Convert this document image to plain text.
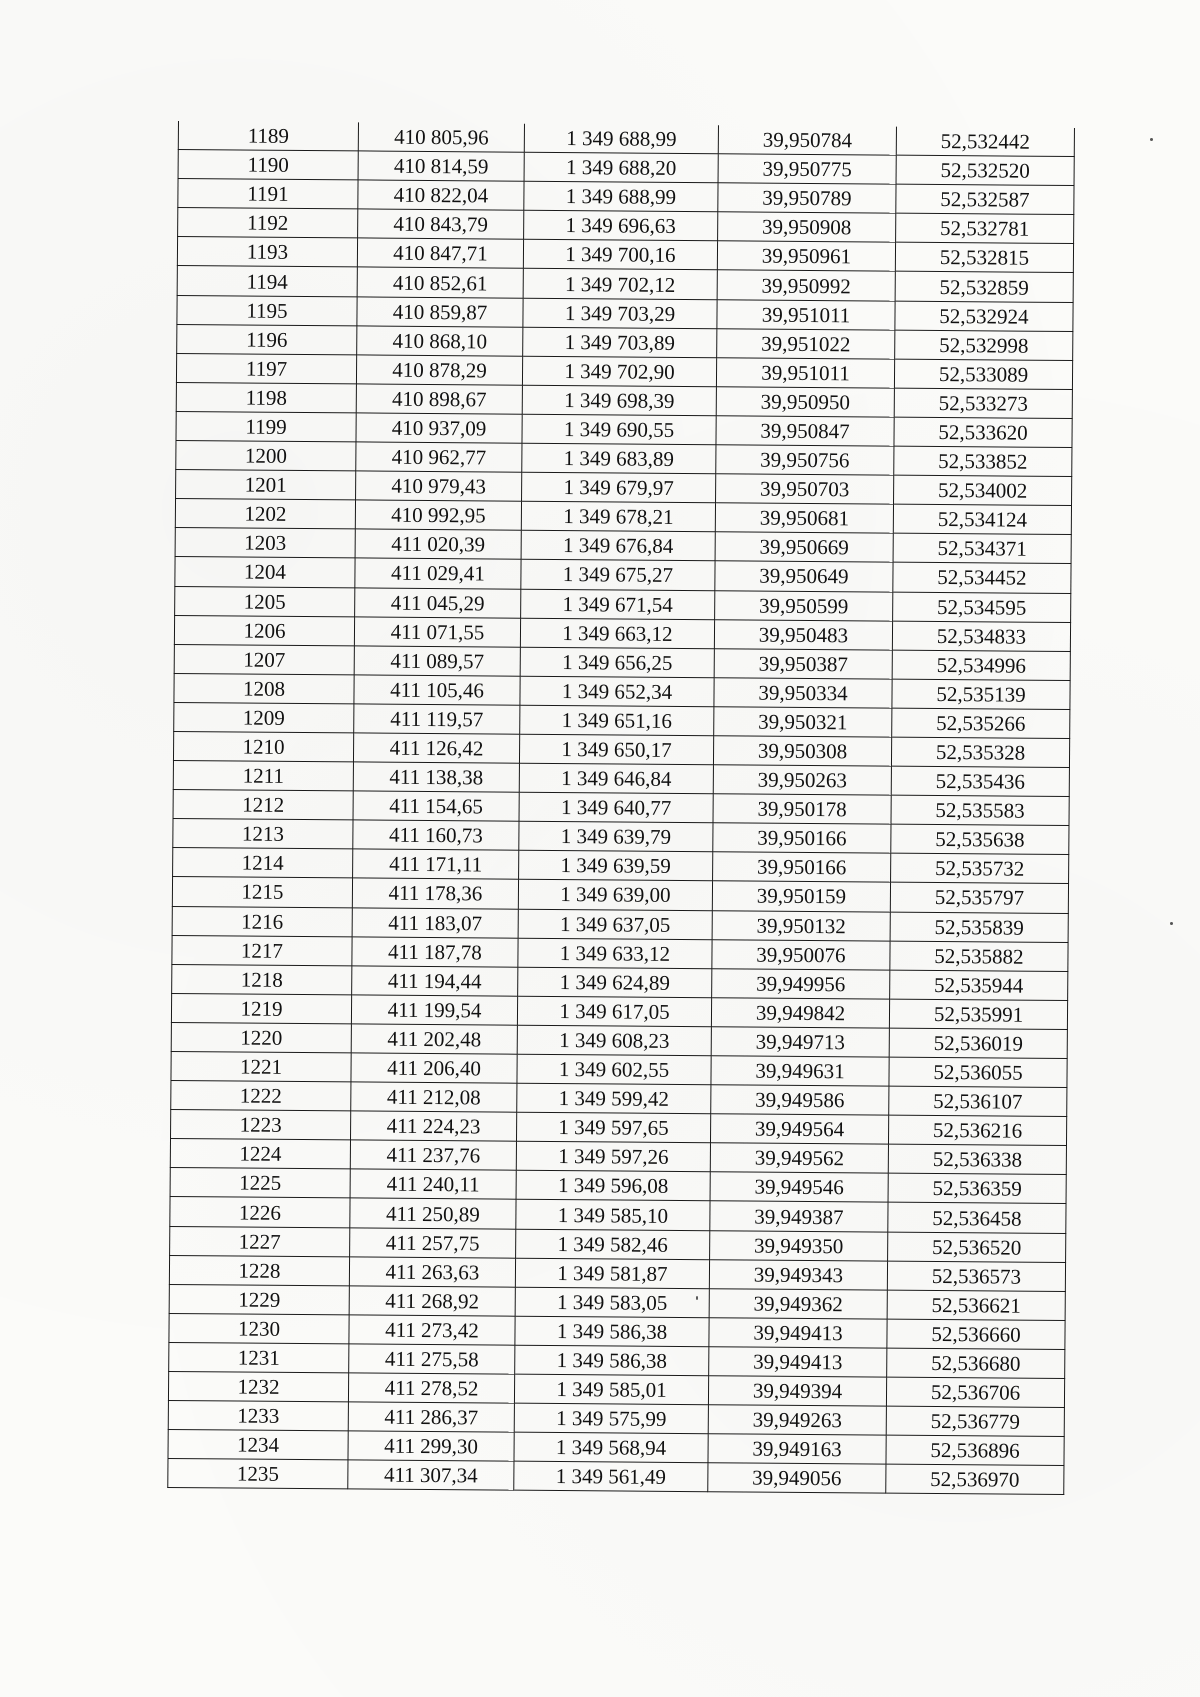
1189	410 805,96	1 349 688,99	39,950784	52,532442
1190	410 814,59	1 349 688,20	39,950775	52,532520
1191	410 822,04	1 349 688,99	39,950789	52,532587
1192	410 843,79	1 349 696,63	39,950908	52,532781
1193	410 847,71	1 349 700,16	39,950961	52,532815
1194	410 852,61	1 349 702,12	39,950992	52,532859
1195	410 859,87	1 349 703,29	39,951011	52,532924
1196	410 868,10	1 349 703,89	39,951022	52,532998
1197	410 878,29	1 349 702,90	39,951011	52,533089
1198	410 898,67	1 349 698,39	39,950950	52,533273
1199	410 937,09	1 349 690,55	39,950847	52,533620
1200	410 962,77	1 349 683,89	39,950756	52,533852
1201	410 979,43	1 349 679,97	39,950703	52,534002
1202	410 992,95	1 349 678,21	39,950681	52,534124
1203	411 020,39	1 349 676,84	39,950669	52,534371
1204	411 029,41	1 349 675,27	39,950649	52,534452
1205	411 045,29	1 349 671,54	39,950599	52,534595
1206	411 071,55	1 349 663,12	39,950483	52,534833
1207	411 089,57	1 349 656,25	39,950387	52,534996
1208	411 105,46	1 349 652,34	39,950334	52,535139
1209	411 119,57	1 349 651,16	39,950321	52,535266
1210	411 126,42	1 349 650,17	39,950308	52,535328
1211	411 138,38	1 349 646,84	39,950263	52,535436
1212	411 154,65	1 349 640,77	39,950178	52,535583
1213	411 160,73	1 349 639,79	39,950166	52,535638
1214	411 171,11	1 349 639,59	39,950166	52,535732
1215	411 178,36	1 349 639,00	39,950159	52,535797
1216	411 183,07	1 349 637,05	39,950132	52,535839
1217	411 187,78	1 349 633,12	39,950076	52,535882
1218	411 194,44	1 349 624,89	39,949956	52,535944
1219	411 199,54	1 349 617,05	39,949842	52,535991
1220	411 202,48	1 349 608,23	39,949713	52,536019
1221	411 206,40	1 349 602,55	39,949631	52,536055
1222	411 212,08	1 349 599,42	39,949586	52,536107
1223	411 224,23	1 349 597,65	39,949564	52,536216
1224	411 237,76	1 349 597,26	39,949562	52,536338
1225	411 240,11	1 349 596,08	39,949546	52,536359
1226	411 250,89	1 349 585,10	39,949387	52,536458
1227	411 257,75	1 349 582,46	39,949350	52,536520
1228	411 263,63	1 349 581,87	39,949343	52,536573
1229	411 268,92	1 349 583,05	39,949362	52,536621
1230	411 273,42	1 349 586,38	39,949413	52,536660
1231	411 275,58	1 349 586,38	39,949413	52,536680
1232	411 278,52	1 349 585,01	39,949394	52,536706
1233	411 286,37	1 349 575,99	39,949263	52,536779
1234	411 299,30	1 349 568,94	39,949163	52,536896
1235	411 307,34	1 349 561,49	39,949056	52,536970
